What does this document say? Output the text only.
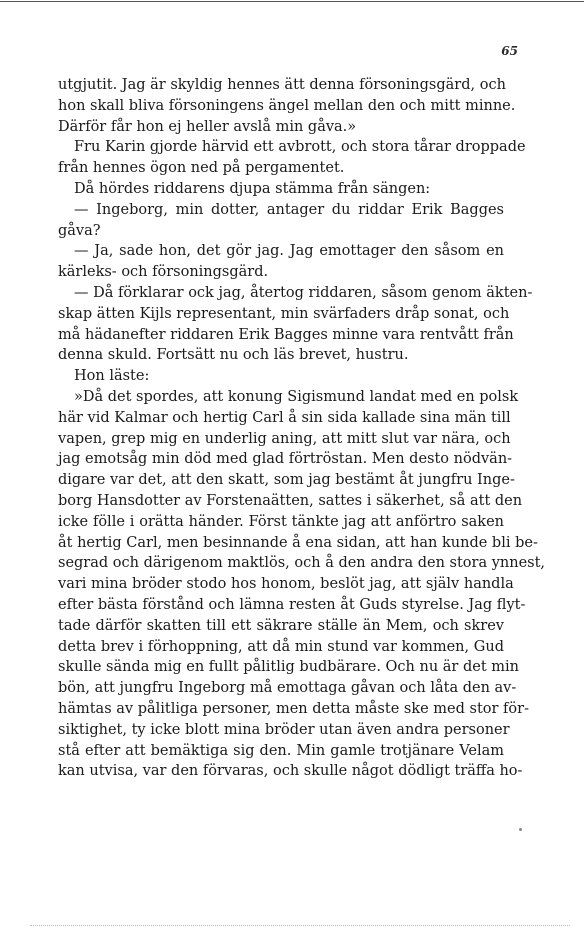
65
utgjutit. Jag är skyldig hennes ätt denna försoningsgärd, och
hon skall bliva försoningens ängel mellan den och mitt minne.
Därför får hon ej heller avslå min gåva.»
Fru Karin gjorde härvid ett avbrott, och stora tårar droppade
från hennes ögon ned på pergamentet.
Då hördes riddarens djupa stämma från sängen:
— Ingeborg, min dotter, antager du riddar Erik Bagges
gåva?
— Ja, sade hon, det gör jag. Jag emottager den såsom en
kärleks- och försoningsgärd.
— Då förklarar ock jag, återtog riddaren, såsom genom äkten-
skap ätten Kijls representant, min svärfaders dråp sonat, och
må hädanefter riddaren Erik Bagges minne vara rentvått från
denna skuld. Fortsätt nu och läs brevet, hustru.
Hon läste:
»Då det spordes, att konung Sigismund landat med en polsk
här vid Kalmar och hertig Carl å sin sida kallade sina män till
vapen, grep mig en underlig aning, att mitt slut var nära, och
jag emotsåg min död med glad förtröstan. Men desto nödvän-
digare var det, att den skatt, som jag bestämt åt jungfru Inge-
borg Hansdotter av Forstenaätten, sattes i säkerhet, så att den
icke fölle i orätta händer. Först tänkte jag att anförtro saken
åt hertig Carl, men besinnande å ena sidan, att han kunde bli be-
segrad och därigenom maktlös, och å den andra den stora ynnest,
vari mina bröder stodo hos honom, beslöt jag, att själv handla
efter bästa förstånd och lämna resten åt Guds styrelse. Jag flyt-
tade därför skatten till ett säkrare ställe än Mem, och skrev
detta brev i förhoppning, att då min stund var kommen, Gud
skulle sända mig en fullt pålitlig budbärare. Och nu är det min
bön, att jungfru Ingeborg må emottaga gåvan och låta den av-
hämtas av pålitliga personer, men detta måste ske med stor för-
siktighet, ty icke blott mina bröder utan även andra personer
stå efter att bemäktiga sig den. Min gamle trotjänare Velam
kan utvisa, var den förvaras, och skulle något dödligt träffa ho-
